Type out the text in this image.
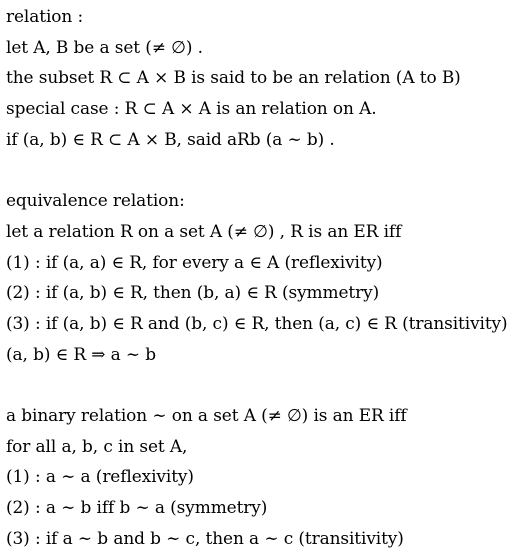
relation :
let A, B be a set (≠ ∅) .
the subset R ⊂ A × B is said to be an relation (A to B)
special case : R ⊂ A × A is an relation on A.
if (a, b) ∈ R ⊂ A × B, said aRb (a ∼ b) .
equivalence relation:
let a relation R on a set A (≠ ∅) , R is an ER iff
(1) : if (a, a) ∈ R, for every a ∈ A (reflexivity)
(2) : if (a, b) ∈ R, then (b, a) ∈ R (symmetry)
(3) : if (a, b) ∈ R and (b, c) ∈ R, then (a, c) ∈ R (transitivity)
(a, b) ∈ R ⇒ a ∼ b
a binary relation ∼ on a set A (≠ ∅) is an ER iff
for all a, b, c in set A,
(1) : a ∼ a (reflexivity)
(2) : a ∼ b iff b ∼ a (symmetry)
(3) : if a ∼ b and b ∼ c, then a ∼ c (transitivity)
